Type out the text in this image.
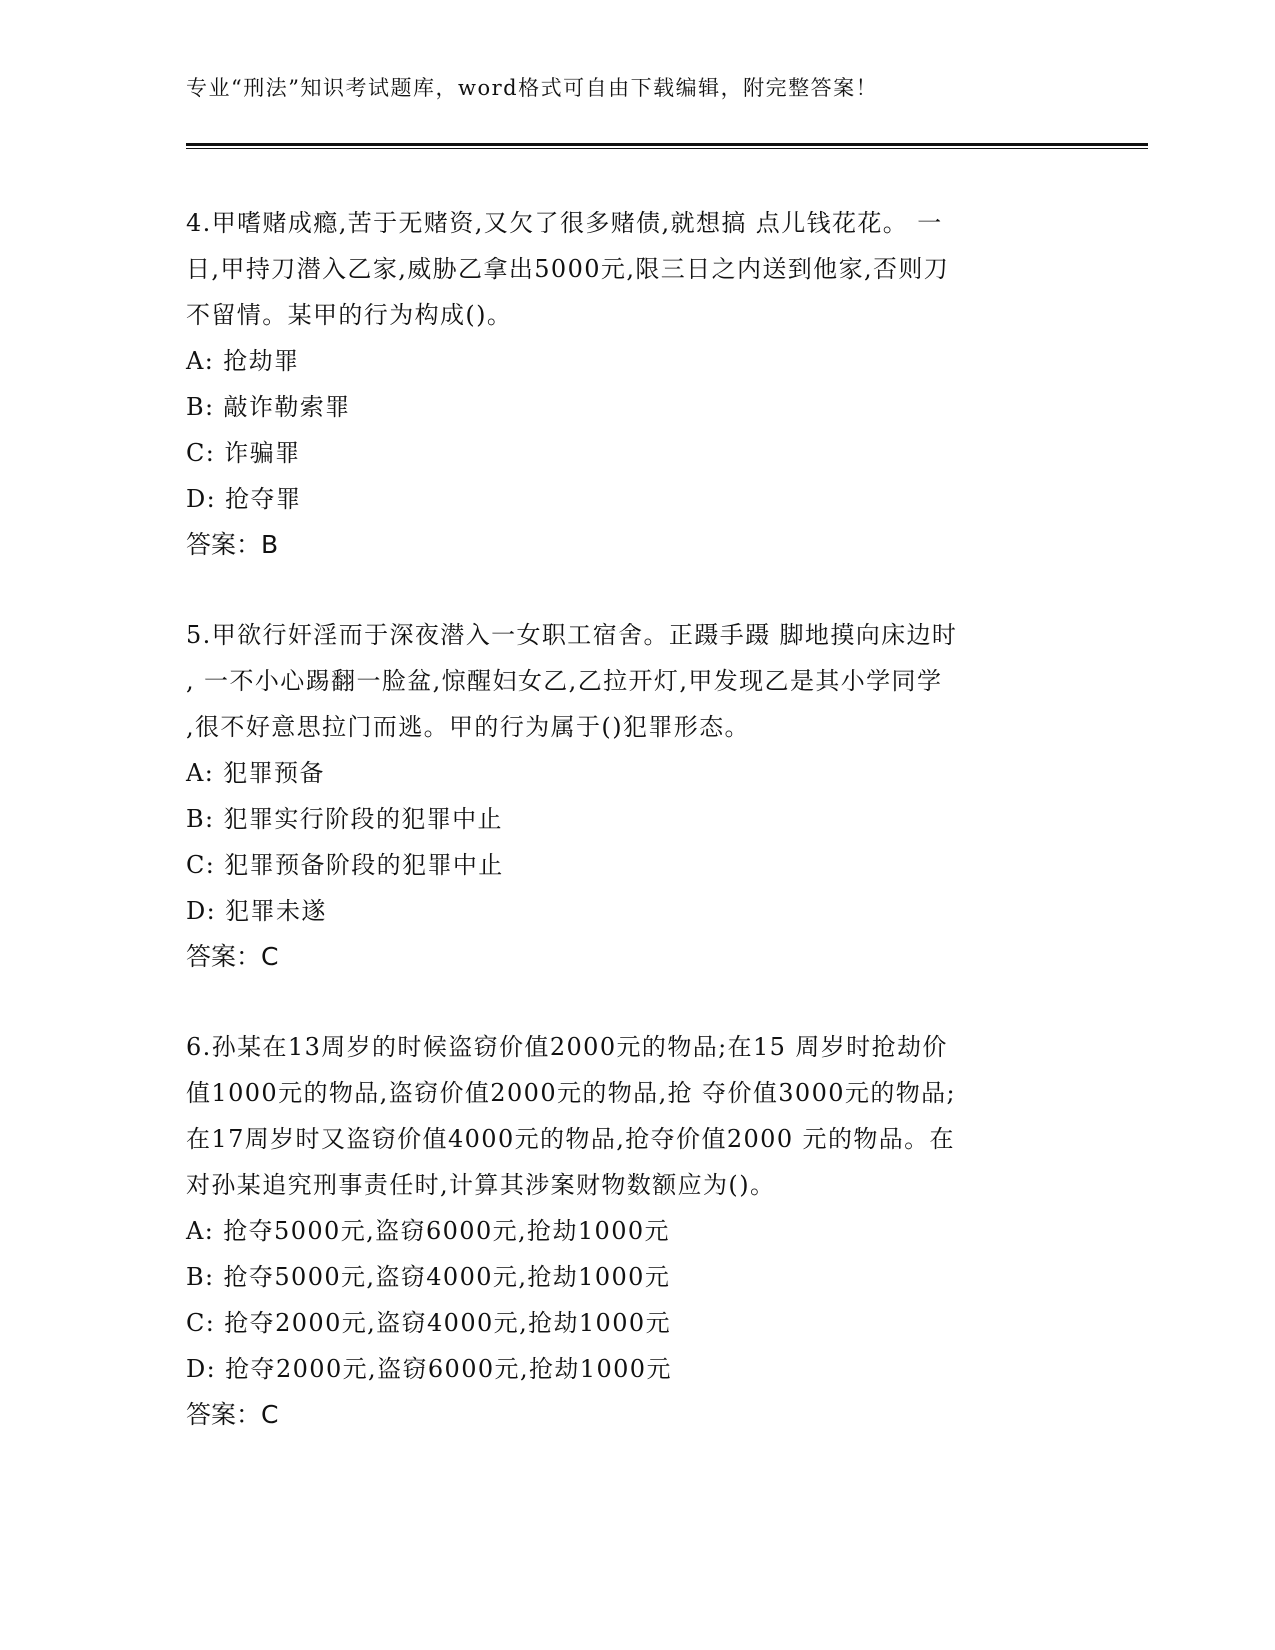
专业“刑法”知识考试题库，word格式可自由下载编辑，附完整答案！
4.甲嗜赌成瘾,苦于无赌资,又欠了很多赌债,就想搞 点儿钱花花。 一
日,甲持刀潜入乙家,威胁乙拿出5000元,限三日之内送到他家,否则刀
不留情。某甲的行为构成()。
A: 抢劫罪
B: 敲诈勒索罪
C: 诈骗罪
D: 抢夺罪
答案：B
5.甲欲行奸淫而于深夜潜入一女职工宿舍。正蹑手蹑 脚地摸向床边时
, 一不小心踢翻一脸盆,惊醒妇女乙,乙拉开灯,甲发现乙是其小学同学
,很不好意思拉门而逃。甲的行为属于()犯罪形态。
A: 犯罪预备
B: 犯罪实行阶段的犯罪中止
C: 犯罪预备阶段的犯罪中止
D: 犯罪未遂
答案：C
6.孙某在13周岁的时候盗窃价值2000元的物品;在15 周岁时抢劫价
值1000元的物品,盗窃价值2000元的物品,抢 夺价值3000元的物品;
在17周岁时又盗窃价值4000元的物品,抢夺价值2000 元的物品。在
对孙某追究刑事责任时,计算其涉案财物数额应为()。
A: 抢夺5000元,盗窃6000元,抢劫1000元
B: 抢夺5000元,盗窃4000元,抢劫1000元
C: 抢夺2000元,盗窃4000元,抢劫1000元
D: 抢夺2000元,盗窃6000元,抢劫1000元
答案：C
